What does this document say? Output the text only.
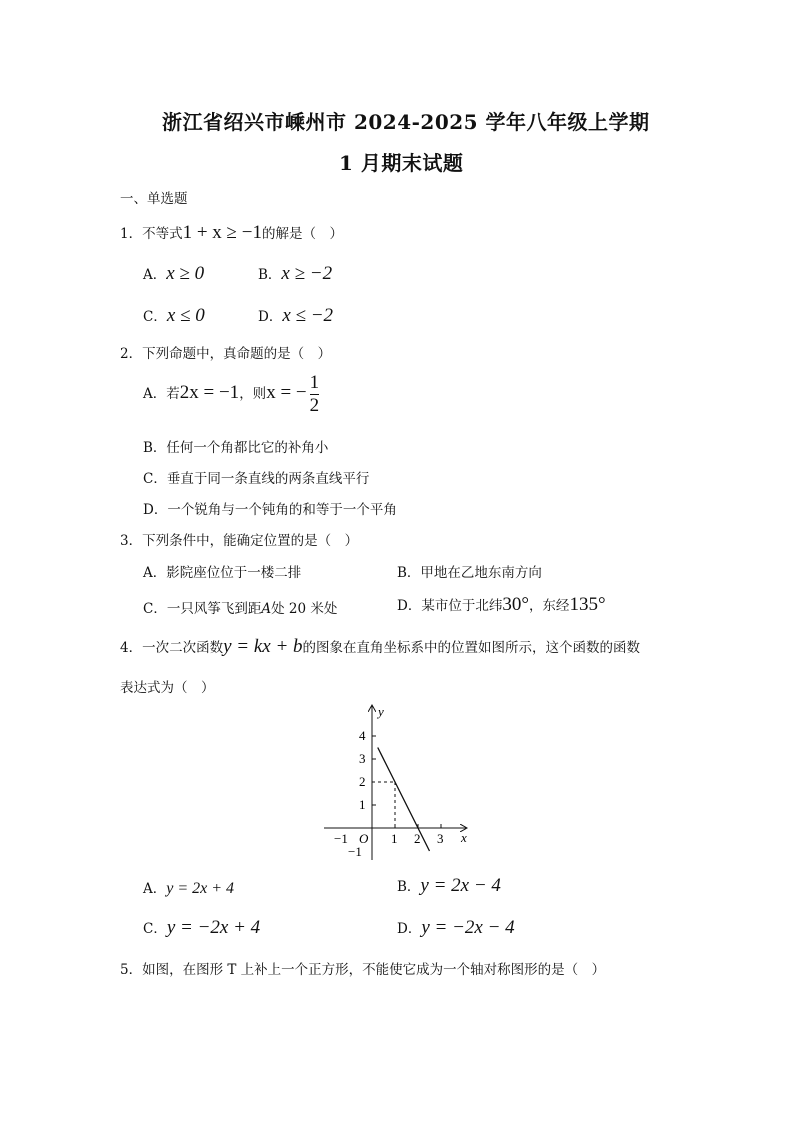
浙江省绍兴市嵊州市 2024-2025 学年八年级上学期
1 月期末试题
一、单选题
1．不等式1 + x ≥ −1的解是（　）
A．x ≥ 0	B．x ≥ −2
C．x ≤ 0	D．x ≤ −2
2．下列命题中，真命题的是（　）
A．若2x = −1，则x = − $\frac{1}{2}$
B．任何一个角都比它的补角小
C．垂直于同一条直线的两条直线平行
D．一个锐角与一个钝角的和等于一个平角
3．下列条件中，能确定位置的是（　）
A．影院座位位于一楼二排	B．甲地在乙地东南方向
C．一只风筝飞到距A处 20 米处	D．某市位于北纬30°，东经135°
4．一次二次函数y = kx + b的图象在直角坐标系中的位置如图所示，这个函数的函数
表达式为（　）
y
x
O
−1	1 2 3
4
3
2
1
−1
A．y = 2x + 4	B．y = 2x − 4
C．y = −2x + 4	D．y = −2x − 4
5．如图，在图形 T 上补上一个正方形，不能使它成为一个轴对称图形的是（　）
